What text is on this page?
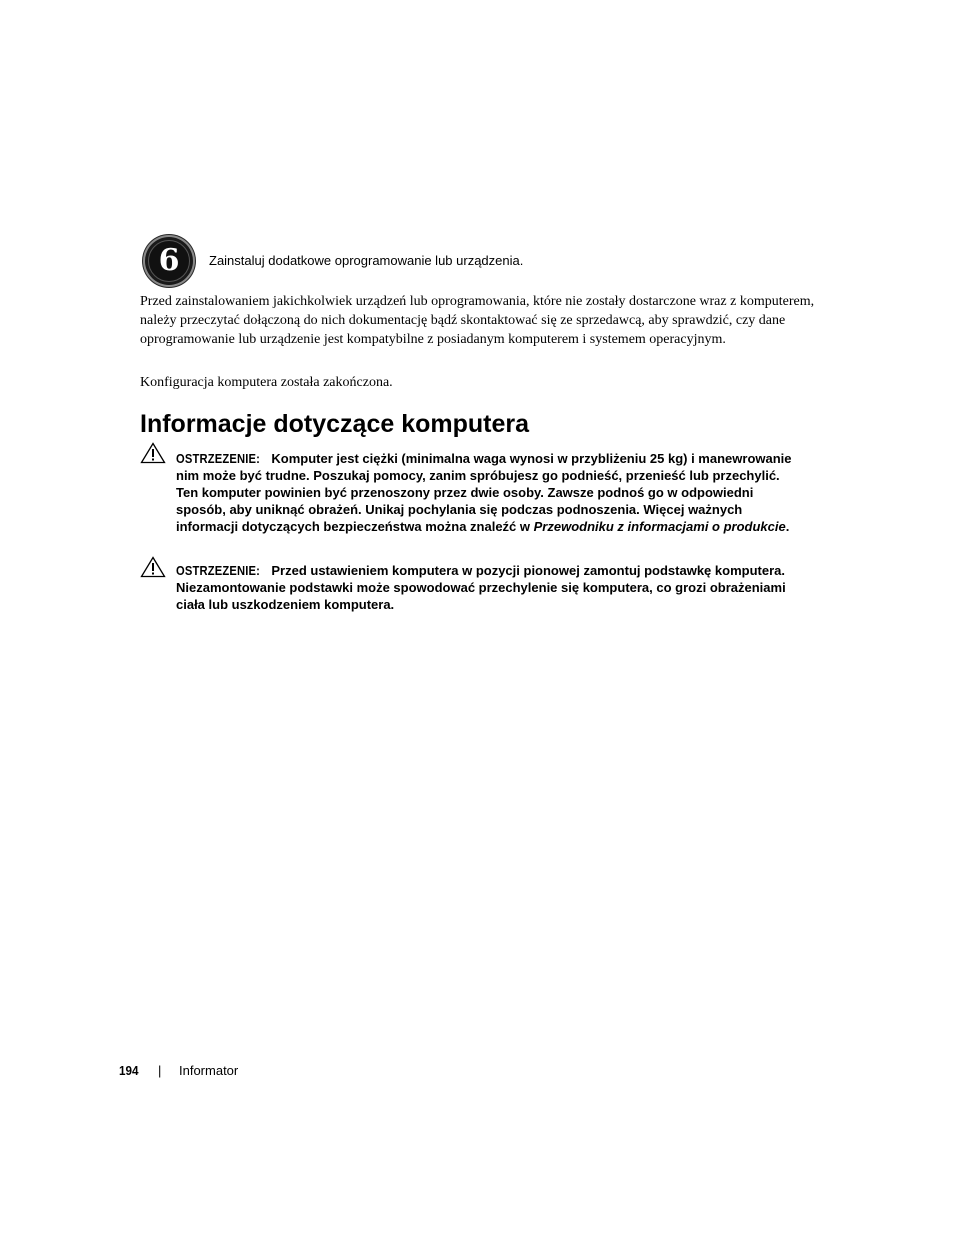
6	Zainstaluj dodatkowe oprogramowanie lub urządzenia.

Przed zainstalowaniem jakichkolwiek urządzeń lub oprogramowania, które nie zostały dostarczone wraz z komputerem, należy przeczytać dołączoną do nich dokumentację bądź skontaktować się ze sprzedawcą, aby sprawdzić, czy dane oprogramowanie lub urządzenie jest kompatybilne z posiadanym komputerem i systemem operacyjnym.

Konfiguracja komputera została zakończona.

Informacje dotyczące komputera
OSTRZEZENIE: Komputer jest ciężki (minimalna waga wynosi w przybliżeniu 25 kg) i manewrowanie nim może być trudne. Poszukaj pomocy, zanim spróbujesz go podnieść, przenieść lub przechylić. Ten komputer powinien być przenoszony przez dwie osoby. Zawsze podnoś go w odpowiedni sposób, aby uniknąć obrażeń. Unikaj pochylania się podczas podnoszenia. Więcej ważnych informacji dotyczących bezpieczeństwa można znaleźć w Przewodniku z informacjami o produkcie.
OSTRZEZENIE: Przed ustawieniem komputera w pozycji pionowej zamontuj podstawkę komputera. Niezamontowanie podstawki może spowodować przechylenie się komputera, co grozi obrażeniami ciała lub uszkodzeniem komputera.
194 | Informator
